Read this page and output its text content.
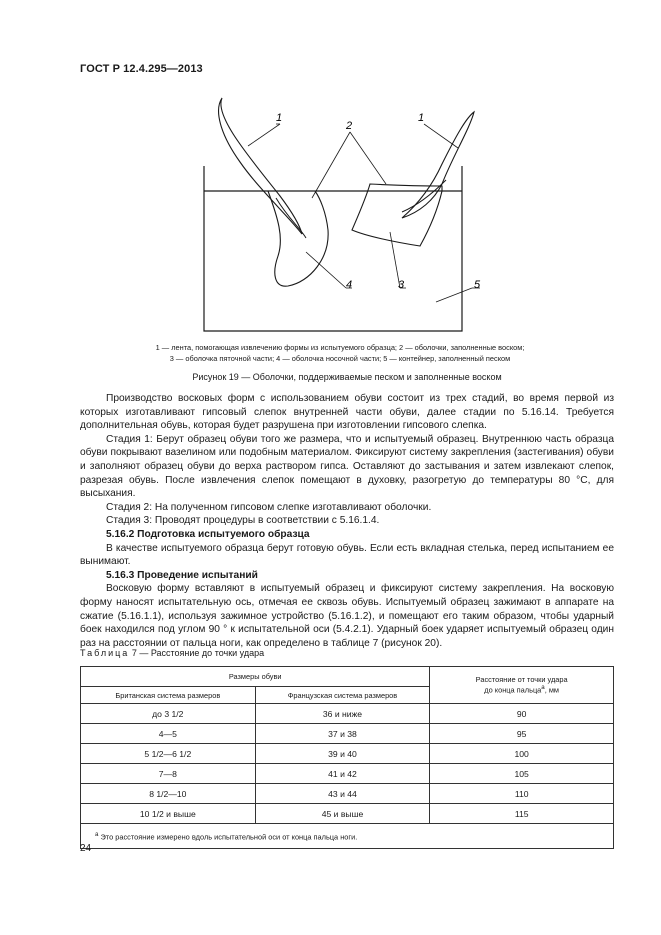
ГОСТ Р 12.4.295—2013
1
2
1
4	3	5
1 — лента, помогающая извлечению формы из испытуемого образца; 2 — оболочки, заполненные воском;
3 — оболочка пяточной части; 4 — оболочка носочной части; 5 — контейнер, заполненный песком
Рисунок 19 — Оболочки, поддерживаемые песком и заполненные воском

Производство восковых форм с использованием обуви состоит из трех стадий, во время первой из которых изготавливают гипсовый слепок внутренней части обуви, далее стадии по 5.16.14. Требуется дополнительная обувь, которая будет разрушена при изготовлении гипсового слепка.

Стадия 1: Берут образец обуви того же размера, что и испытуемый образец. Внутреннюю часть образца обуви покрывают вазелином или подобным материалом. Фиксируют систему закрепления (застегивания) обуви и заполняют образец обуви до верха раствором гипса. Оставляют до застывания и затем извлекают слепок, разрезая обувь. После извлечения слепок помещают в духовку, разогретую до температуры 80 °С, для высыхания.

Стадия 2: На полученном гипсовом слепке изготавливают оболочки.

Стадия 3: Проводят процедуры в соответствии с 5.16.1.4.

5.16.2 Подготовка испытуемого образца

В качестве испытуемого образца берут готовую обувь. Если есть вкладная стелька, перед испытанием ее вынимают.

5.16.3 Проведение испытаний

Восковую форму вставляют в испытуемый образец и фиксируют систему закрепления. На восковую форму наносят испытательную ось, отмечая ее сквозь обувь. Испытуемый образец зажимают в аппарате на сжатие (5.16.1.1), используя зажимное устройство (5.16.1.2), и помещают его таким образом, чтобы ударный боек находился под углом 90 ° к испытательной оси (5.4.2.1). Ударный боек ударяет испытуемый образец один раз на расстоянии от пальца ноги, как определено в таблице 7 (рисунок 20).

Таблица 7 — Расстояние до точки удара
Размеры обуви		Расстояние от точки удара
до конца пальца$^а$, мм
Британская система размеров	Французская система размеров	
до 3 1/2	36 и ниже	90
4—5	37 и 38	95
5 1/2—6 1/2	39 и 40	100
7—8	41 и 42	105
8 1/2—10	43 и 44	110
10 1/2 и выше	45 и выше	115
$^а$ Это расстояние измерено вдоль испытательной оси от конца пальца ноги.		
24
